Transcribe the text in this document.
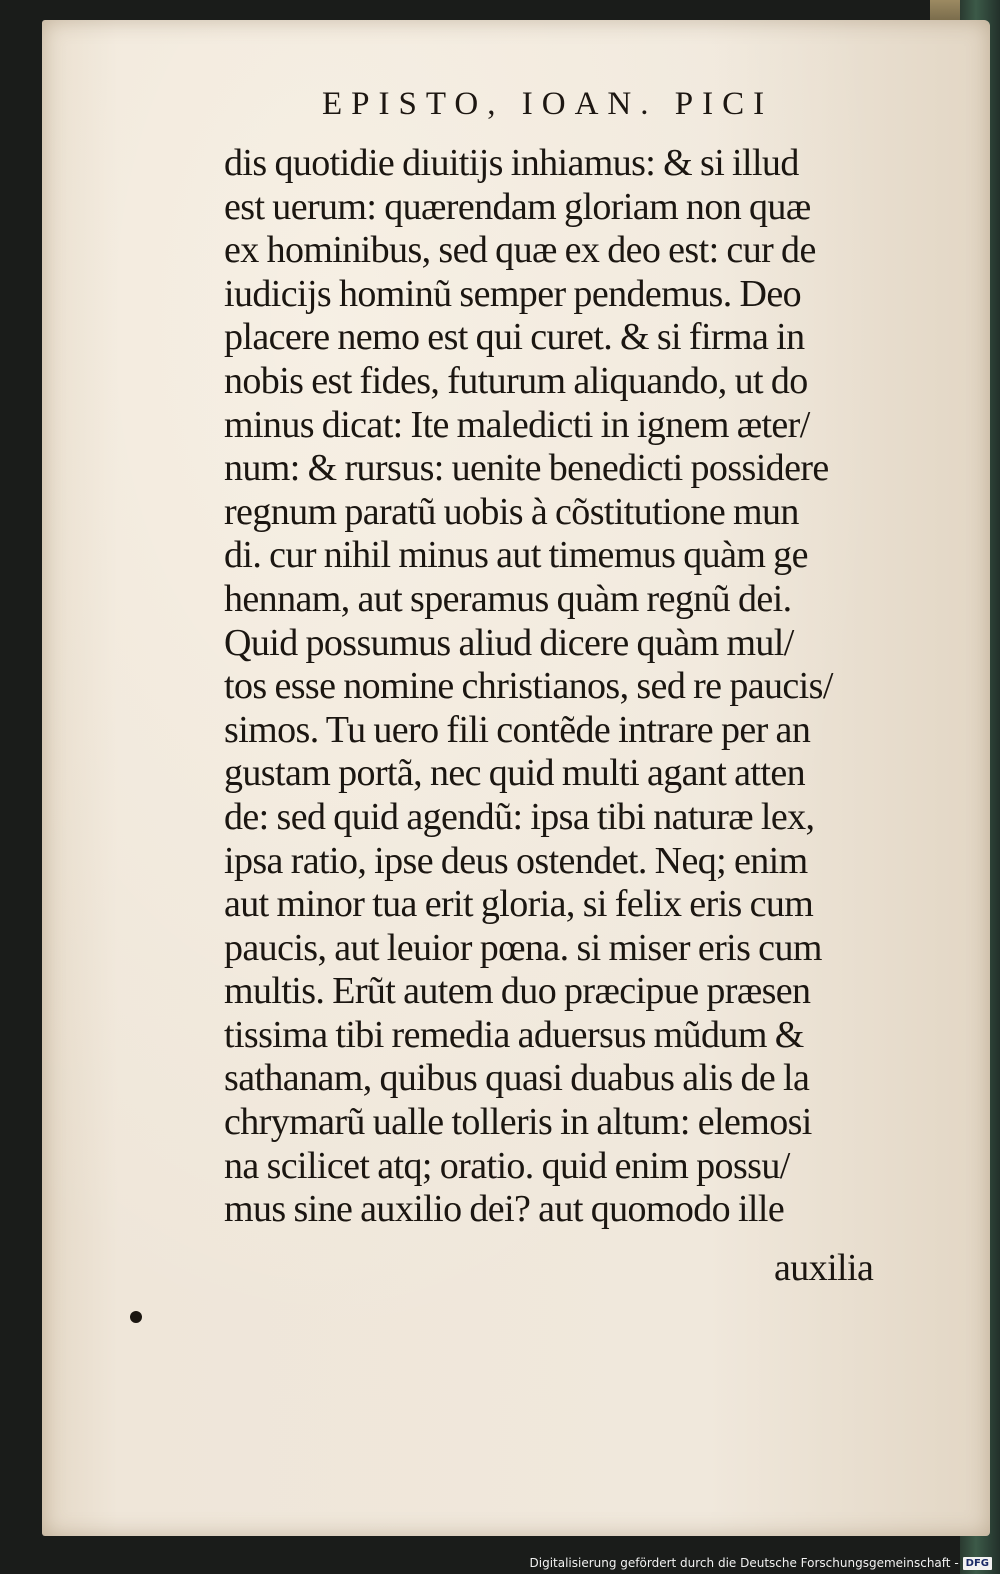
EPISTO, IOAN. PICI
dis quotidie diuitijs inhiamus: & si illud
est uerum: quærendam gloriam non quæ
ex hominibus, sed quæ ex deo est: cur de
iudicijs hominũ semper pendemus. Deo
placere nemo est qui curet. & si firma in
nobis est fides, futurum aliquando, ut do
minus dicat: Ite maledicti in ignem æter/
num: & rursus: uenite benedicti possidere
regnum paratũ uobis à cõstitutione mun
di. cur nihil minus aut timemus quàm ge
hennam, aut speramus quàm regnũ dei.
Quid possumus aliud dicere quàm mul/
tos esse nomine christianos, sed re paucis/
simos. Tu uero fili contẽde intrare per an
gustam portã, nec quid multi agant atten
de: sed quid agendũ: ipsa tibi naturæ lex,
ipsa ratio, ipse deus ostendet. Neq; enim
aut minor tua erit gloria, si felix eris cum
paucis, aut leuior pœna. si miser eris cum
multis. Erũt autem duo præcipue præsen
tissima tibi remedia aduersus mũdum &
sathanam, quibus quasi duabus alis de la
chrymarũ ualle tolleris in altum: elemosi
na scilicet atq; oratio. quid enim possu/
mus sine auxilio dei? aut quomodo ille
auxilia
Digitalisierung gefördert durch die Deutsche Forschungsgemeinschaft - DFG
